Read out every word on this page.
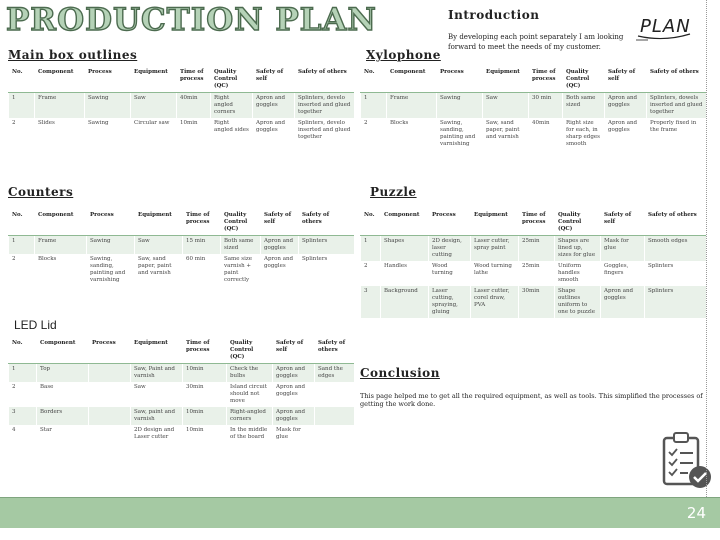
PRODUCTION PLAN	Introduction
By developing each point separately I am looking forward to meet the needs of my customer.
PLAN
Main box outlines	Xylophone
Counters	Puzzle
LED Lid
No.	Component	Process	Equipment	Time of process	Quality Control (QC)	Safety of self	Safety of others
1	Frame	Sawing	Saw	40min	Right angled corners	Apron and goggles	Splinters, develo inserted and glued together
2	Slides	Sawing	Circular saw	10min	Right angled sides	Apron and goggles	Splinters, develo inserted and glued together
No.	Component	Process	Equipment	Time of process	Quality Control (QC)	Safety of self	Safety of others
1	Frame	Sawing	Saw	30 min	Both same sized	Apron and goggles	Splinters, dowels inserted and glued together
2	Blocks	Sawing, sanding, painting and varnishing	Saw, sand paper, paint and varnish	40min	Right size for each, in sharp edges smooth	Apron and goggles	Properly fixed in the frame
No.	Component	Process	Equipment	Time of process	Quality Control (QC)	Safety of self	Safety of others
1	Frame	Sawing	Saw	15 min	Both same sized	Apron and goggles	Splinters
2	Blocks	Sawing, sanding, painting and varnishing	Saw, sand paper, paint and varnish	60 min	Same size varnish + paint correctly	Apron and goggles	Splinters
No.	Component	Process	Equipment	Time of process	Quality Control (QC)	Safety of self	Safety of others
1	Shapes	2D design, laser cutting	Laser cutter, spray paint	25min	Shapes are lined up, sizes for glue	Mask for glue	Smooth edges
2	Handles	Wood turning	Wood turning lathe	25min	Uniform handles smooth	Goggles, fingers	Splinters
3	Background	Laser cutting, spraying, gluing	Laser cutter, corel draw, PVA	30min	Shape outlines uniform to one to puzzle	Apron and goggles	Splinters
No.	Component	Process	Equipment	Time of process	Quality Control (QC)	Safety of self	Safety of others
1	Top		Saw, Paint and varnish	10min	Check the bulbs	Apron and goggles	Sand the edges
2	Base		Saw	30min	Island circuit should not move	Apron and goggles	
3	Borders		Saw, paint and varnish	10min	Right-angled corners	Apron and goggles	
4	Star		2D design and Laser cutter	10min	In the middle of the board	Mask for glue	
Conclusion
This page helped me to get all the required equipment, as well as tools. This simplified the processes of getting the work done.
24
